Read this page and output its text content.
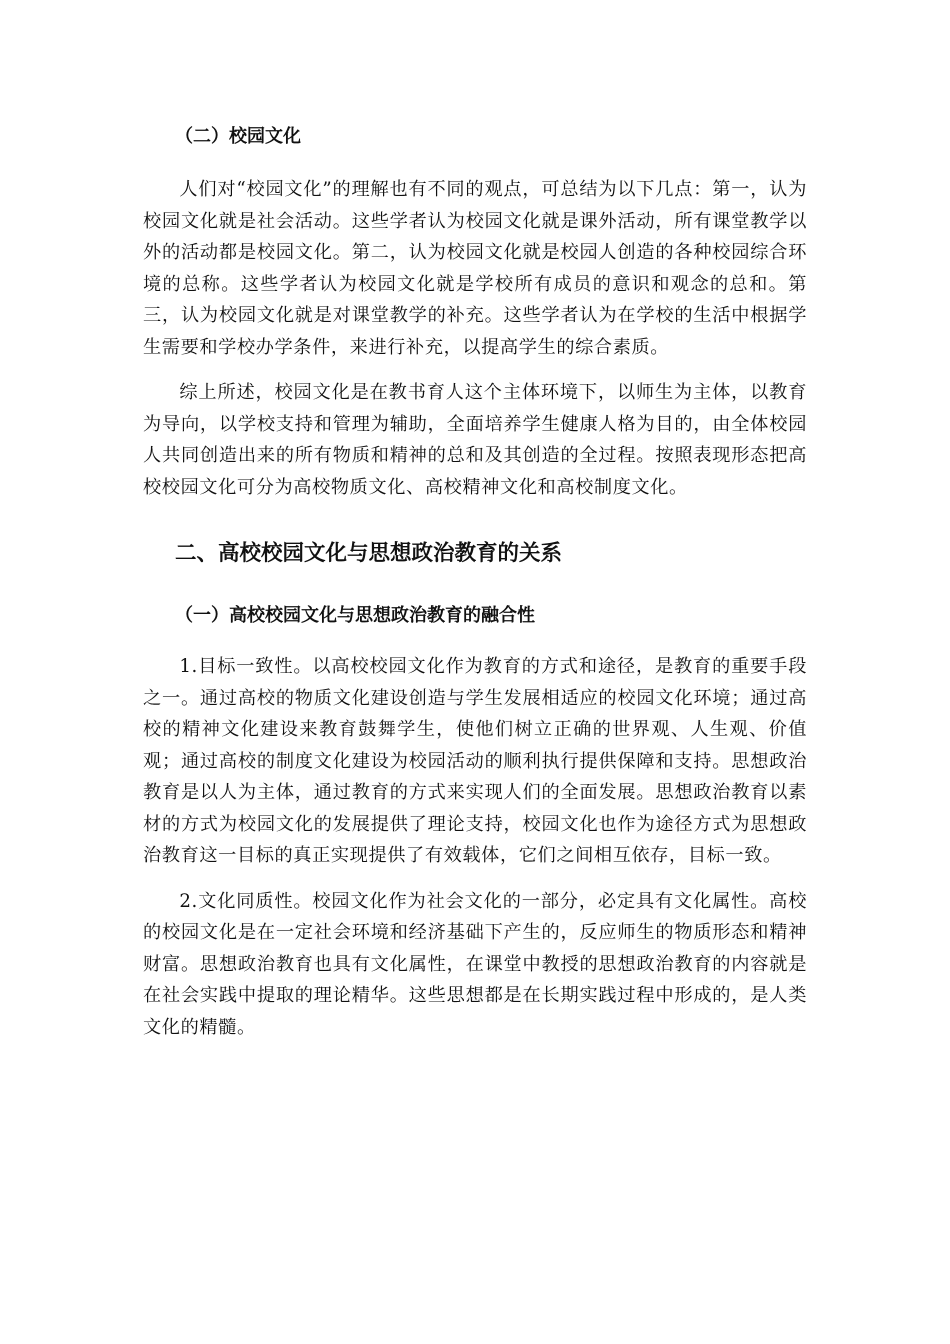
（二）校园文化

人们对“校园文化”的理解也有不同的观点，可总结为以下几点：第一，认为校园文化就是社会活动。这些学者认为校园文化就是课外活动，所有课堂教学以外的活动都是校园文化。第二，认为校园文化就是校园人创造的各种校园综合环境的总称。这些学者认为校园文化就是学校所有成员的意识和观念的总和。第三，认为校园文化就是对课堂教学的补充。这些学者认为在学校的生活中根据学生需要和学校办学条件，来进行补充，以提高学生的综合素质。

综上所述，校园文化是在教书育人这个主体环境下，以师生为主体，以教育为导向，以学校支持和管理为辅助，全面培养学生健康人格为目的，由全体校园人共同创造出来的所有物质和精神的总和及其创造的全过程。按照表现形态把高校校园文化可分为高校物质文化、高校精神文化和高校制度文化。

二、高校校园文化与思想政治教育的关系
（一）高校校园文化与思想政治教育的融合性

1.目标一致性。以高校校园文化作为教育的方式和途径，是教育的重要手段之一。通过高校的物质文化建设创造与学生发展相适应的校园文化环境；通过高校的精神文化建设来教育鼓舞学生，使他们树立正确的世界观、人生观、价值观；通过高校的制度文化建设为校园活动的顺利执行提供保障和支持。思想政治教育是以人为主体，通过教育的方式来实现人们的全面发展。思想政治教育以素材的方式为校园文化的发展提供了理论支持，校园文化也作为途径方式为思想政治教育这一目标的真正实现提供了有效载体，它们之间相互依存，目标一致。

2.文化同质性。校园文化作为社会文化的一部分，必定具有文化属性。高校的校园文化是在一定社会环境和经济基础下产生的，反应师生的物质形态和精神财富。思想政治教育也具有文化属性，在课堂中教授的思想政治教育的内容就是在社会实践中提取的理论精华。这些思想都是在长期实践过程中形成的，是人类文化的精髓。
